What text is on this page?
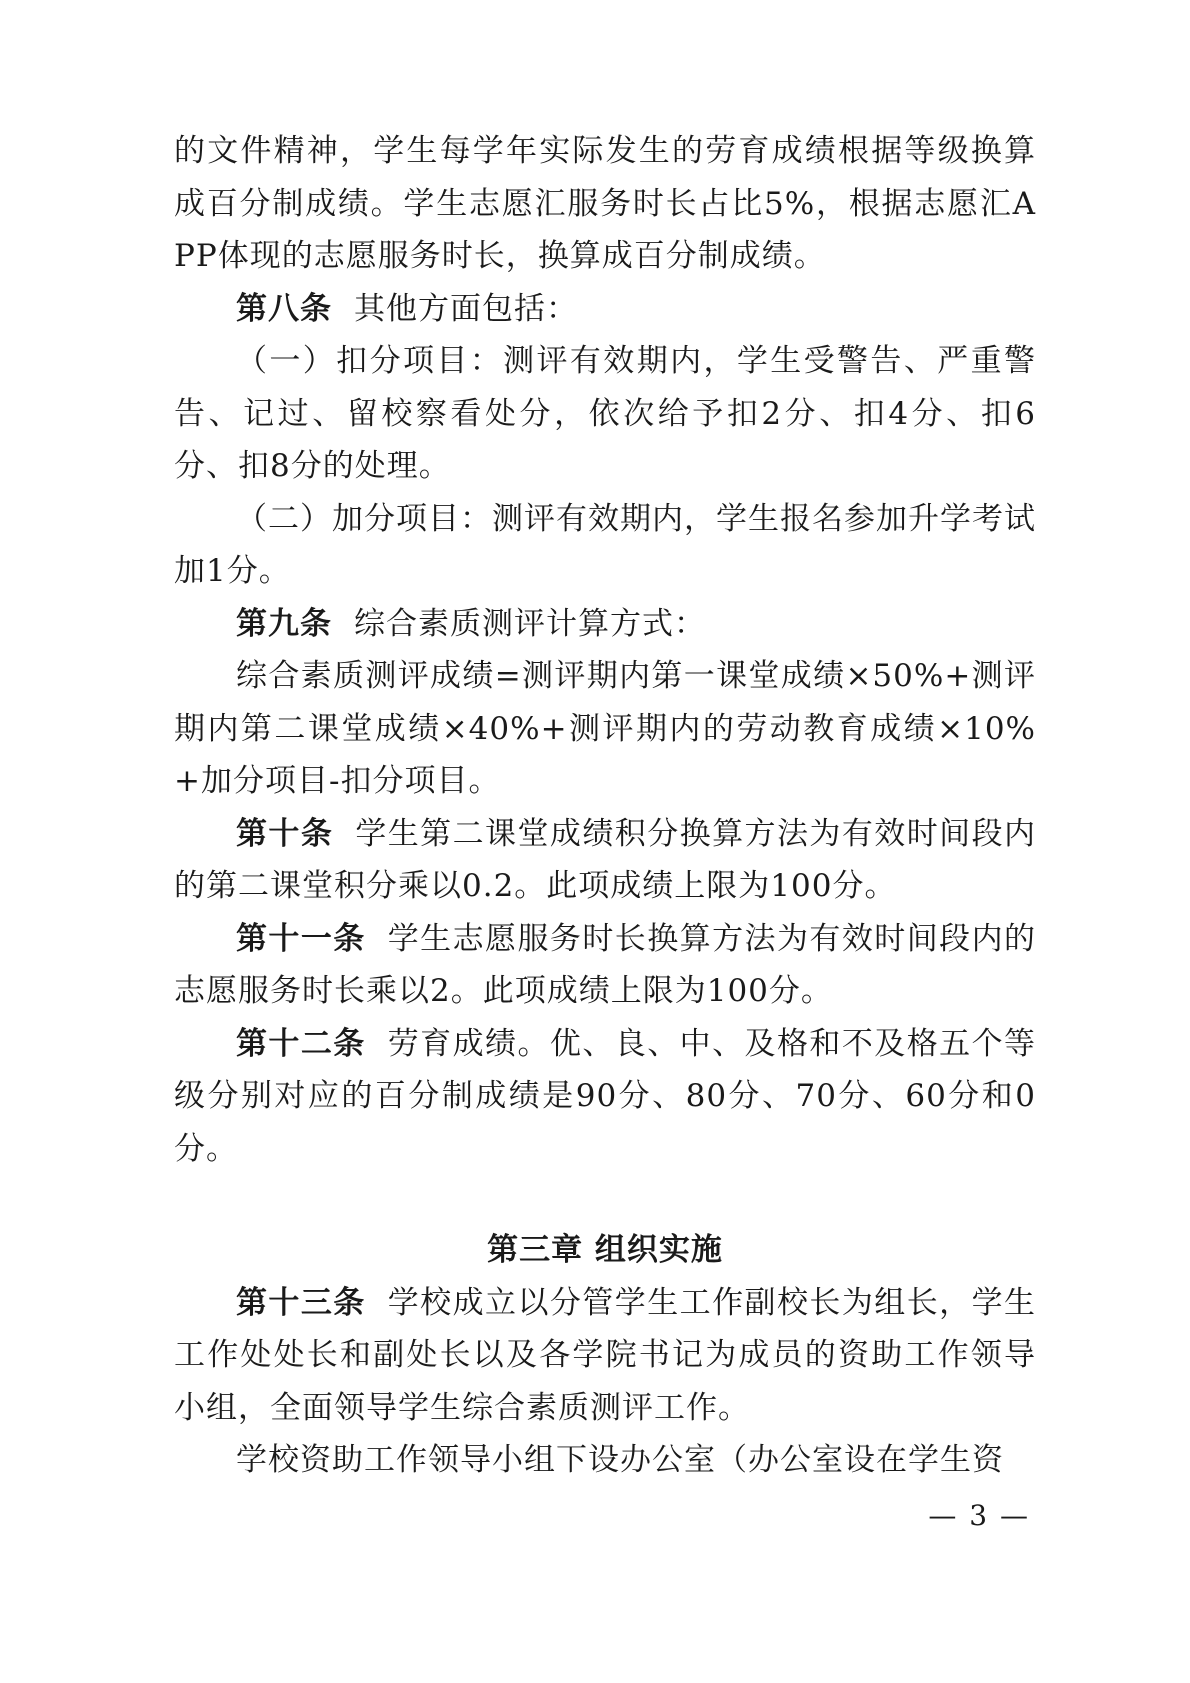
的文件精神，学生每学年实际发生的劳育成绩根据等级换算成百分制成绩。学生志愿汇服务时长占比5%，根据志愿汇APP体现的志愿服务时长，换算成百分制成绩。

第八条 其他方面包括：

（一）扣分项目：测评有效期内，学生受警告、严重警告、记过、留校察看处分，依次给予扣2分、扣4分、扣6分、扣8分的处理。

（二）加分项目：测评有效期内，学生报名参加升学考试加1分。

第九条 综合素质测评计算方式：

综合素质测评成绩=测评期内第一课堂成绩×50%+测评期内第二课堂成绩×40%+测评期内的劳动教育成绩×10%+加分项目-扣分项目。

第十条 学生第二课堂成绩积分换算方法为有效时间段内的第二课堂积分乘以0.2。此项成绩上限为100分。

第十一条 学生志愿服务时长换算方法为有效时间段内的志愿服务时长乘以2。此项成绩上限为100分。

第十二条 劳育成绩。优、良、中、及格和不及格五个等级分别对应的百分制成绩是90分、80分、70分、60分和0分。

第三章 组织实施

第十三条 学校成立以分管学生工作副校长为组长，学生工作处处长和副处长以及各学院书记为成员的资助工作领导小组，全面领导学生综合素质测评工作。

学校资助工作领导小组下设办公室（办公室设在学生资

— 3 —
